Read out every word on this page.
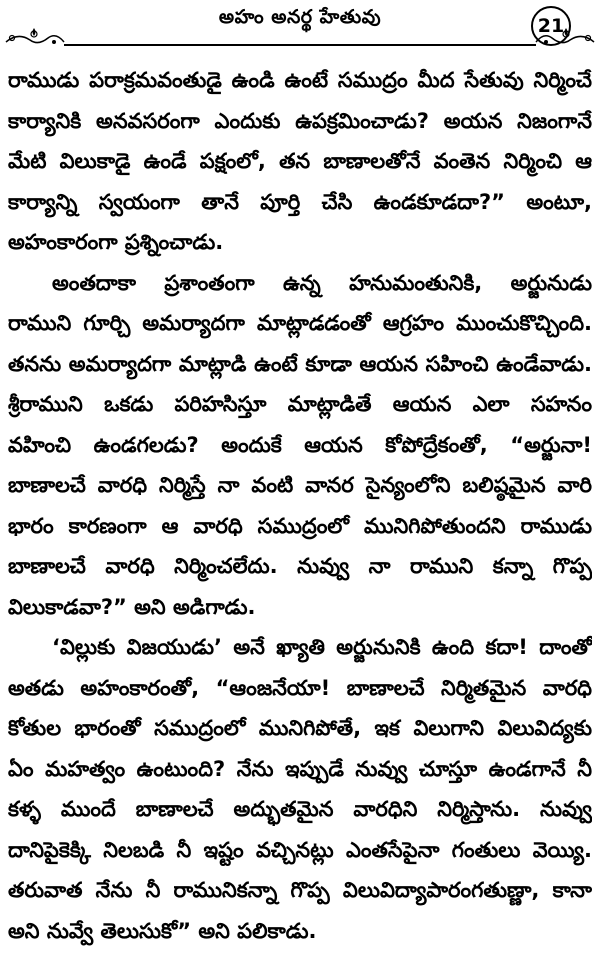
అహం అనర్థ హేతువు	21
రాముడు పరాక్రమవంతుడై ఉండి ఉంటే సముద్రం మీద సేతువు నిర్మించే
కార్యానికి అనవసరంగా ఎందుకు ఉపక్రమించాడు? అయన నిజంగానే
మేటి విలుకాడై ఉండే పక్షంలో, తన బాణాలతోనే వంతెన నిర్మించి ఆ
కార్యాన్ని స్వయంగా తానే పూర్తి చేసి ఉండకూడదా?” అంటూ,
అహంకారంగా ప్రశ్నించాడు.
అంతదాకా ప్రశాంతంగా ఉన్న హనుమంతునికి, అర్జునుడు
రాముని గూర్చి అమర్యాదగా మాట్లాడడంతో ఆగ్రహం ముంచుకొచ్చింది.
తనను అమర్యాదగా మాట్లాడి ఉంటే కూడా ఆయన సహించి ఉండేవాడు.
శ్రీరాముని ఒకడు పరిహసిస్తూ మాట్లాడితే ఆయన ఎలా సహనం
వహించి ఉండగలడు? అందుకే ఆయన కోపోద్రేకంతో, “అర్జునా!
బాణాలచే వారధి నిర్మిస్తే నా వంటి వానర సైన్యంలోని బలిష్ఠమైన వారి
భారం కారణంగా ఆ వారధి సముద్రంలో మునిగిపోతుందని రాముడు
బాణాలచే వారధి నిర్మించలేదు. నువ్వు నా రాముని కన్నా గొప్ప
విలుకాడవా?” అని అడిగాడు.
‘విల్లుకు విజయుడు’ అనే ఖ్యాతి అర్జునునికి ఉంది కదా! దాంతో
అతడు అహంకారంతో, “ఆంజనేయా! బాణాలచే నిర్మితమైన వారధి
కోతుల భారంతో సముద్రంలో మునిగిపోతే, ఇక విలుగాని విలువిద్యకు
ఏం మహత్వం ఉంటుంది? నేను ఇప్పుడే నువ్వు చూస్తూ ఉండగానే నీ
కళ్ళ ముందే బాణాలచే అద్భుతమైన వారధిని నిర్మిస్తాను. నువ్వు
దానిపైకెక్కి నిలబడి నీ ఇష్టం వచ్చినట్లు ఎంతసేపైనా గంతులు వెయ్యి.
తరువాత నేను నీ రామునికన్నా గొప్ప విలువిద్యాపారంగతుణ్ణా, కానా
అని నువ్వే తెలుసుకో” అని పలికాడు.
